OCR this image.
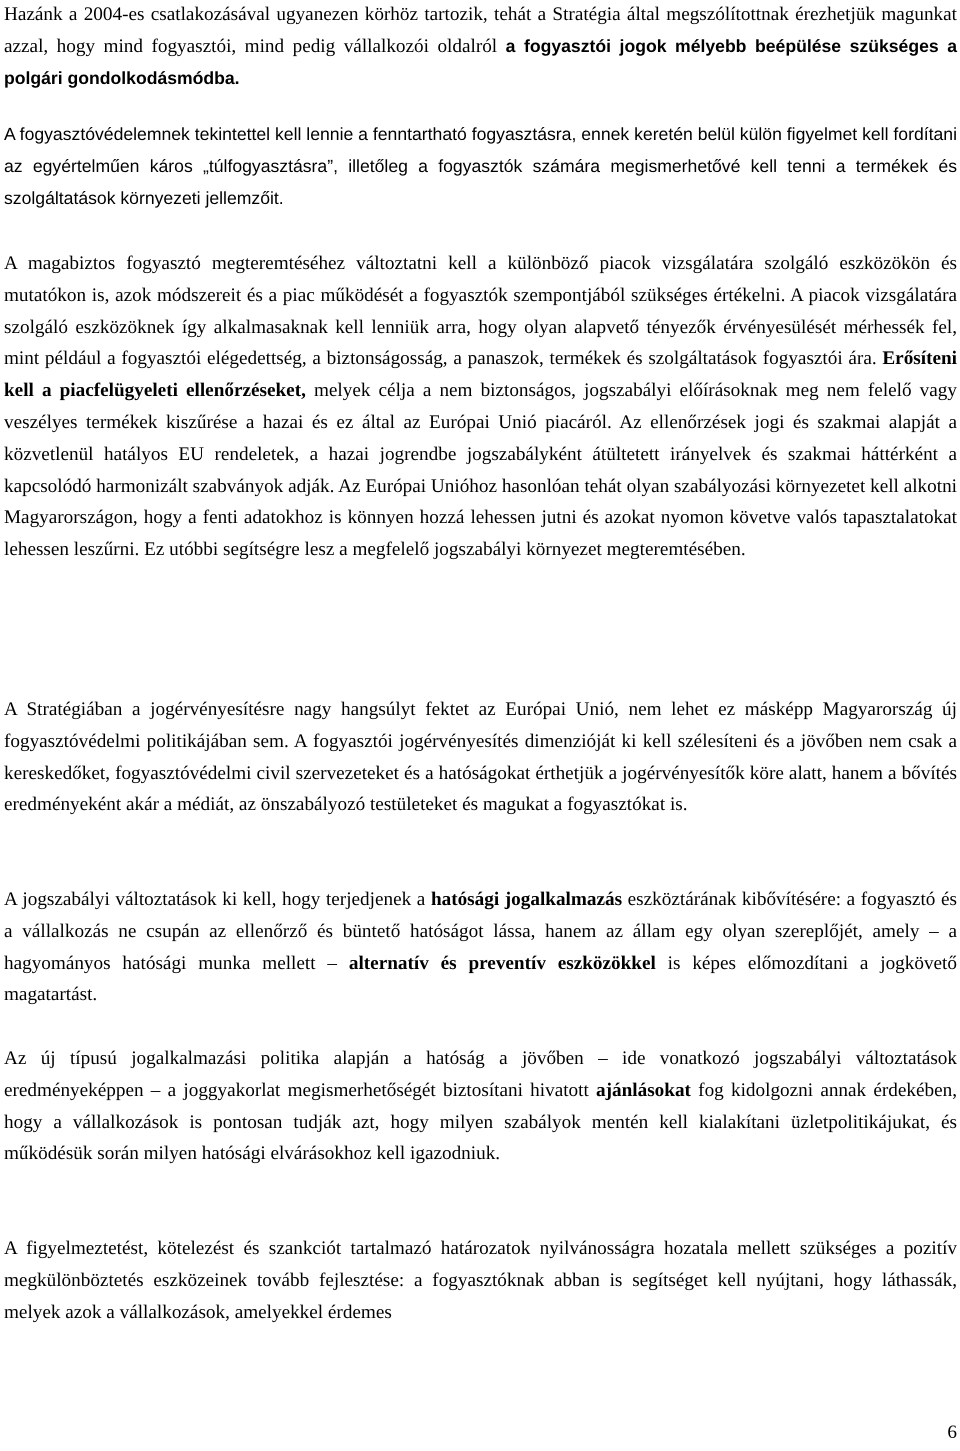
Hazánk a 2004-es csatlakozásával ugyanezen körhöz tartozik, tehát a Stratégia által megszólítottnak érezhetjük magunkat azzal, hogy mind fogyasztói, mind pedig vállalkozói oldalról a fogyasztói jogok mélyebb beépülése szükséges a polgári gondolkodásmódba.

A fogyasztóvédelemnek tekintettel kell lennie a fenntartható fogyasztásra, ennek keretén belül külön figyelmet kell fordítani az egyértelműen káros „túlfogyasztásra”, illetőleg a fogyasztók számára megismerhetővé kell tenni a termékek és szolgáltatások környezeti jellemzőit.

A magabiztos fogyasztó megteremtéséhez változtatni kell a különböző piacok vizsgálatára szolgáló eszközökön és mutatókon is, azok módszereit és a piac működését a fogyasztók szempontjából szükséges értékelni. A piacok vizsgálatára szolgáló eszközöknek így alkalmasaknak kell lenniük arra, hogy olyan alapvető tényezők érvényesülését mérhessék fel, mint például a fogyasztói elégedettség, a biztonságosság, a panaszok, termékek és szolgáltatások fogyasztói ára. Erősíteni kell a piacfelügyeleti ellenőrzéseket, melyek célja a nem biztonságos, jogszabályi előírásoknak meg nem felelő vagy veszélyes termékek kiszűrése a hazai és ez által az Európai Unió piacáról. Az ellenőrzések jogi és szakmai alapját a közvetlenül hatályos EU rendeletek, a hazai jogrendbe jogszabályként átültetett irányelvek és szakmai háttérként a kapcsolódó harmonizált szabványok adják. Az Európai Unióhoz hasonlóan tehát olyan szabályozási környezetet kell alkotni Magyarországon, hogy a fenti adatokhoz is könnyen hozzá lehessen jutni és azokat nyomon követve valós tapasztalatokat lehessen leszűrni. Ez utóbbi segítségre lesz a megfelelő jogszabályi környezet megteremtésében.

A Stratégiában a jogérvényesítésre nagy hangsúlyt fektet az Európai Unió, nem lehet ez másképp Magyarország új fogyasztóvédelmi politikájában sem. A fogyasztói jogérvényesítés dimenzióját ki kell szélesíteni és a jövőben nem csak a kereskedőket, fogyasztóvédelmi civil szervezeteket és a hatóságokat érthetjük a jogérvényesítők köre alatt, hanem a bővítés eredményeként akár a médiát, az önszabályozó testületeket és magukat a fogyasztókat is.

A jogszabályi változtatások ki kell, hogy terjedjenek a hatósági jogalkalmazás eszköztárának kibővítésére: a fogyasztó és a vállalkozás ne csupán az ellenőrző és büntető hatóságot lássa, hanem az állam egy olyan szereplőjét, amely – a hagyományos hatósági munka mellett – alternatív és preventív eszközökkel is képes előmozdítani a jogkövető magatartást.

Az új típusú jogalkalmazási politika alapján a hatóság a jövőben – ide vonatkozó jogszabályi változtatások eredményeképpen – a joggyakorlat megismerhetőségét biztosítani hivatott ajánlásokat fog kidolgozni annak érdekében, hogy a vállalkozások is pontosan tudják azt, hogy milyen szabályok mentén kell kialakítani üzletpolitikájukat, és működésük során milyen hatósági elvárásokhoz kell igazodniuk.

A figyelmeztetést, kötelezést és szankciót tartalmazó határozatok nyilvánosságra hozatala mellett szükséges a pozitív megkülönböztetés eszközeinek tovább fejlesztése: a fogyasztóknak abban is segítséget kell nyújtani, hogy láthassák, melyek azok a vállalkozások, amelyekkel érdemes

6
